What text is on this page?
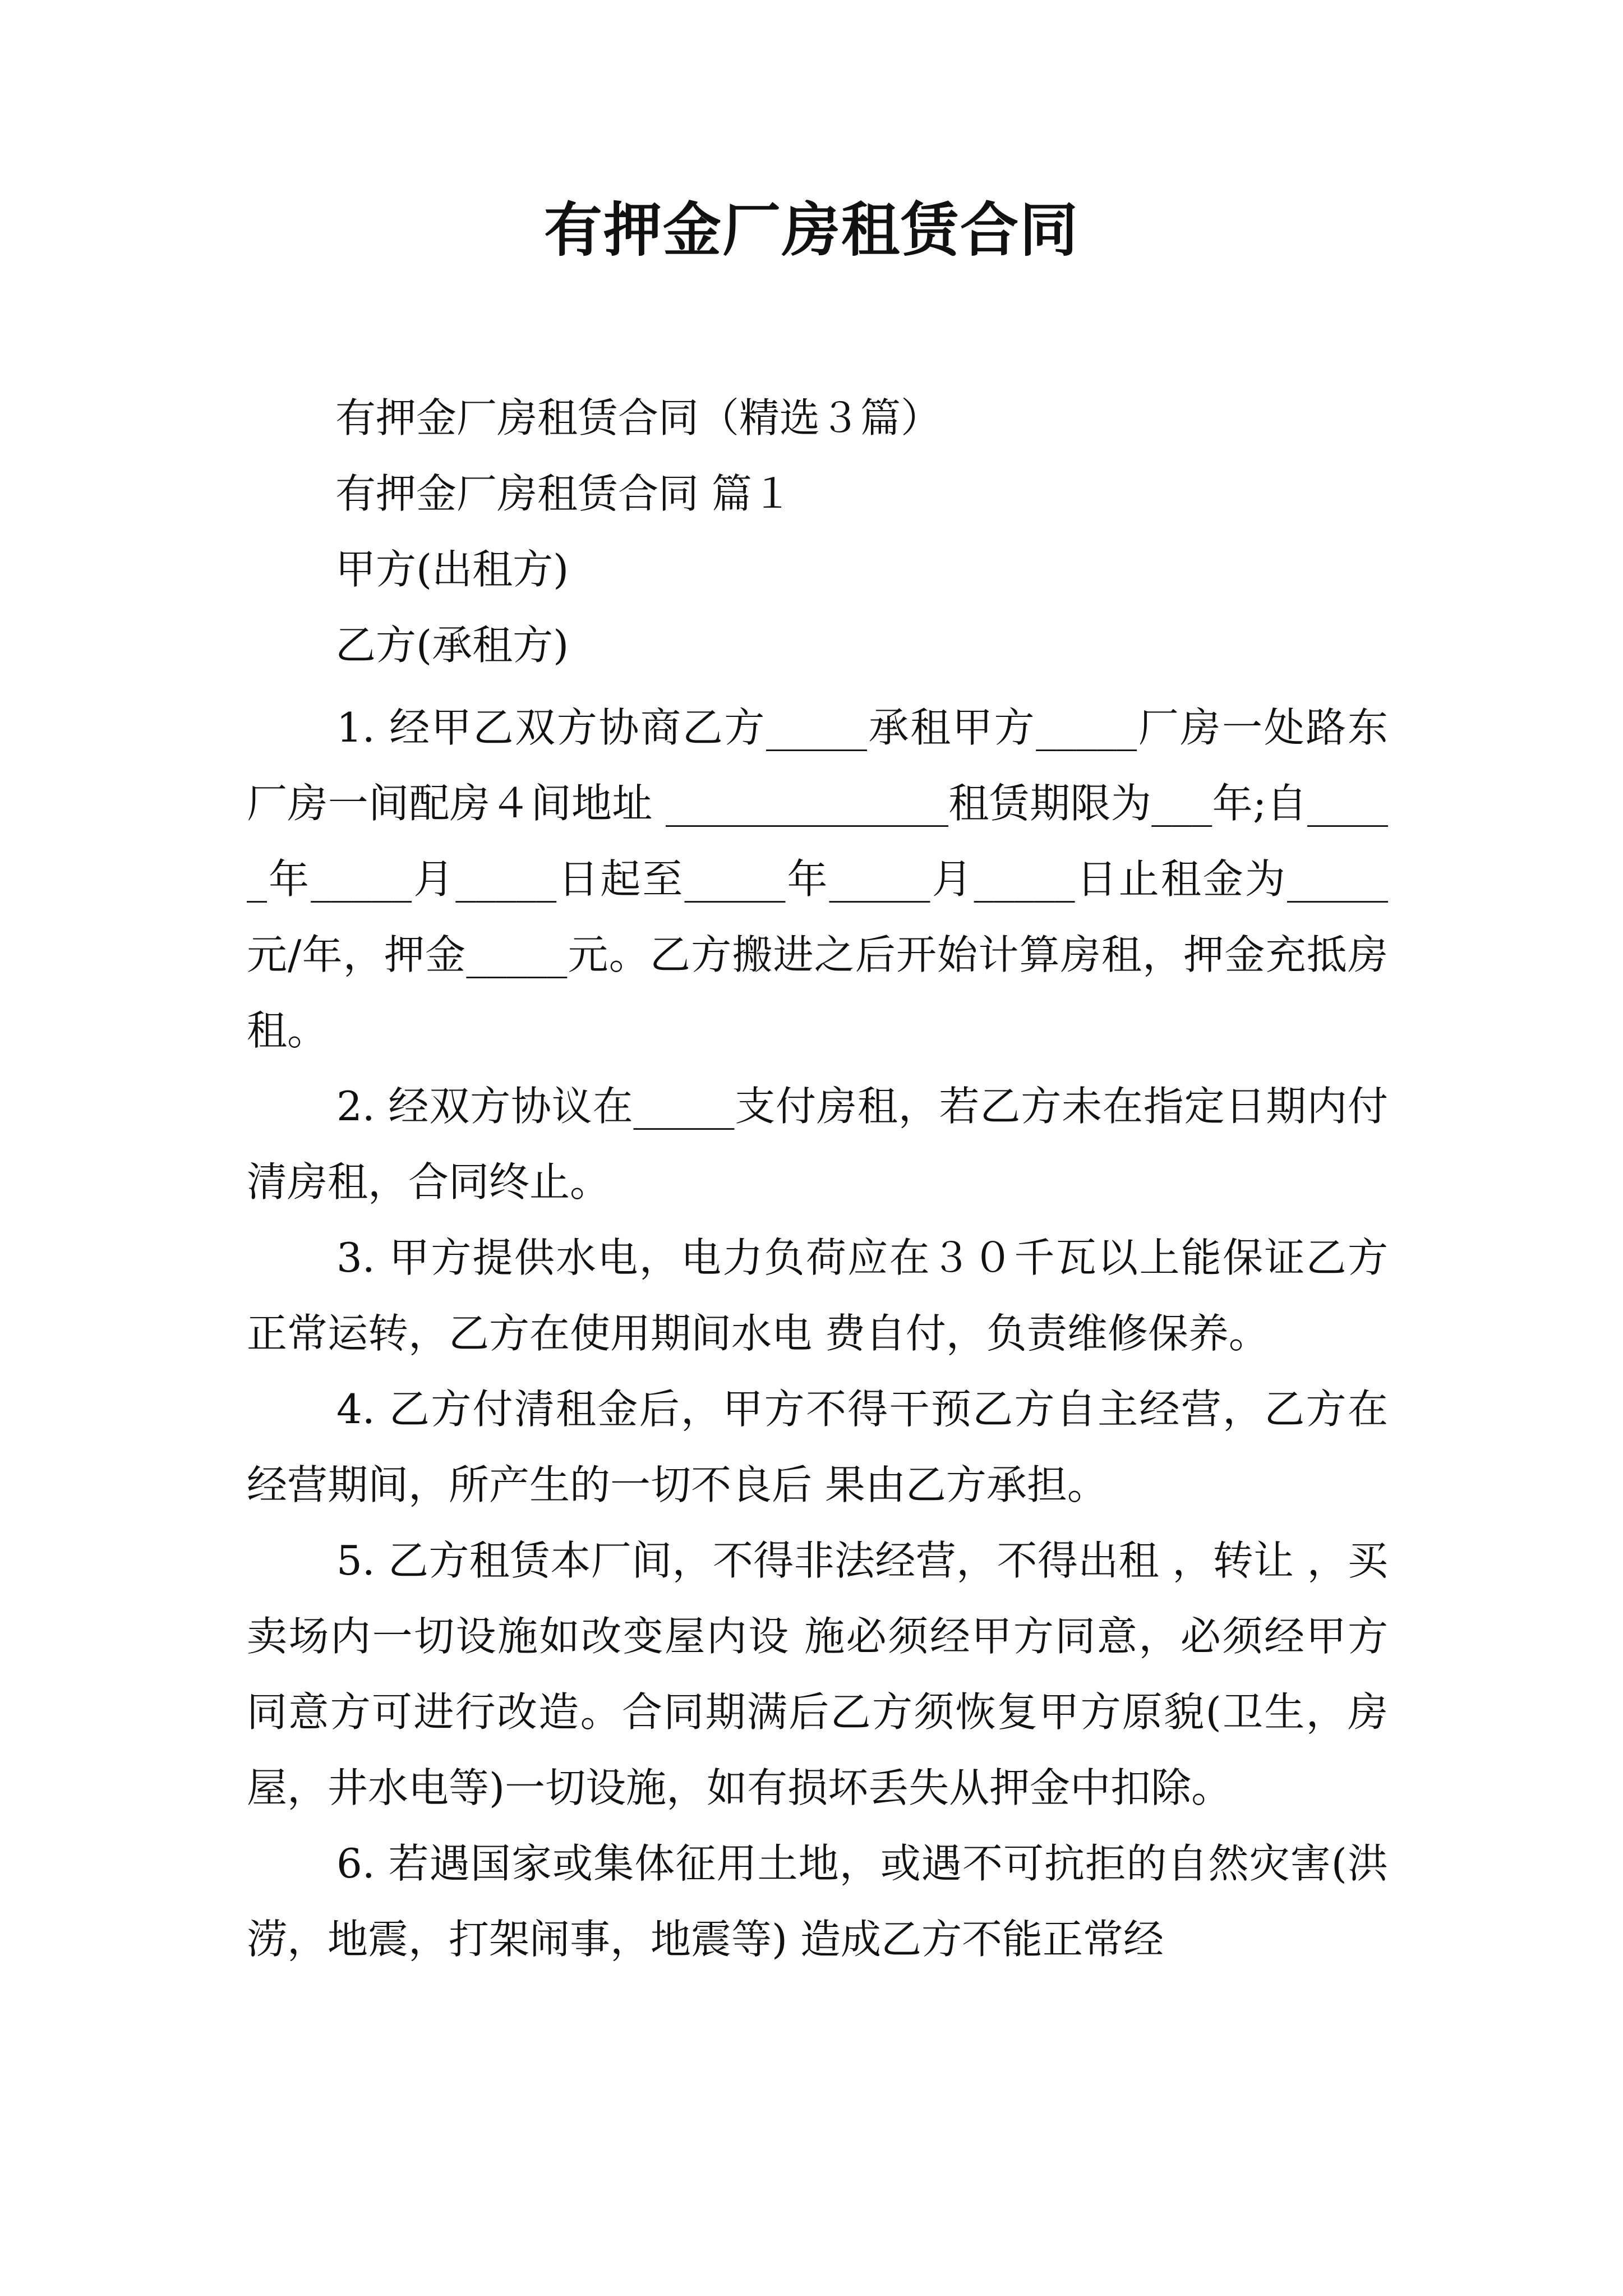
有押金厂房租赁合同

有押金厂房租赁合同（精选３篇）

有押金厂房租赁合同 篇１

甲方(出租方)

乙方(承租方)

1. 经甲乙双方协商乙方_____承租甲方_____厂房一处路东厂房一间配房４间地址 ______________租赁期限为___年;自_____年_____月_____日起至_____年_____月_____日止租金为_____元/年，押金_____元。乙方搬进之后开始计算房租，押金充抵房租。

2. 经双方协议在_____支付房租，若乙方未在指定日期内付清房租，合同终止。

3. 甲方提供水电，电力负荷应在３０千瓦以上能保证乙方正常运转，乙方在使用期间水电 费自付，负责维修保养。

4. 乙方付清租金后，甲方不得干预乙方自主经营，乙方在经营期间，所产生的一切不良后 果由乙方承担。

5. 乙方租赁本厂间，不得非法经营，不得出租 ，转让 ，买卖场内一切设施如改变屋内设 施必须经甲方同意，必须经甲方同意方可进行改造。合同期满后乙方须恢复甲方原貌(卫生，房屋，井水电等)一切设施，如有损坏丢失从押金中扣除。

6. 若遇国家或集体征用土地，或遇不可抗拒的自然灾害(洪涝，地震，打架闹事，地震等) 造成乙方不能正常经
